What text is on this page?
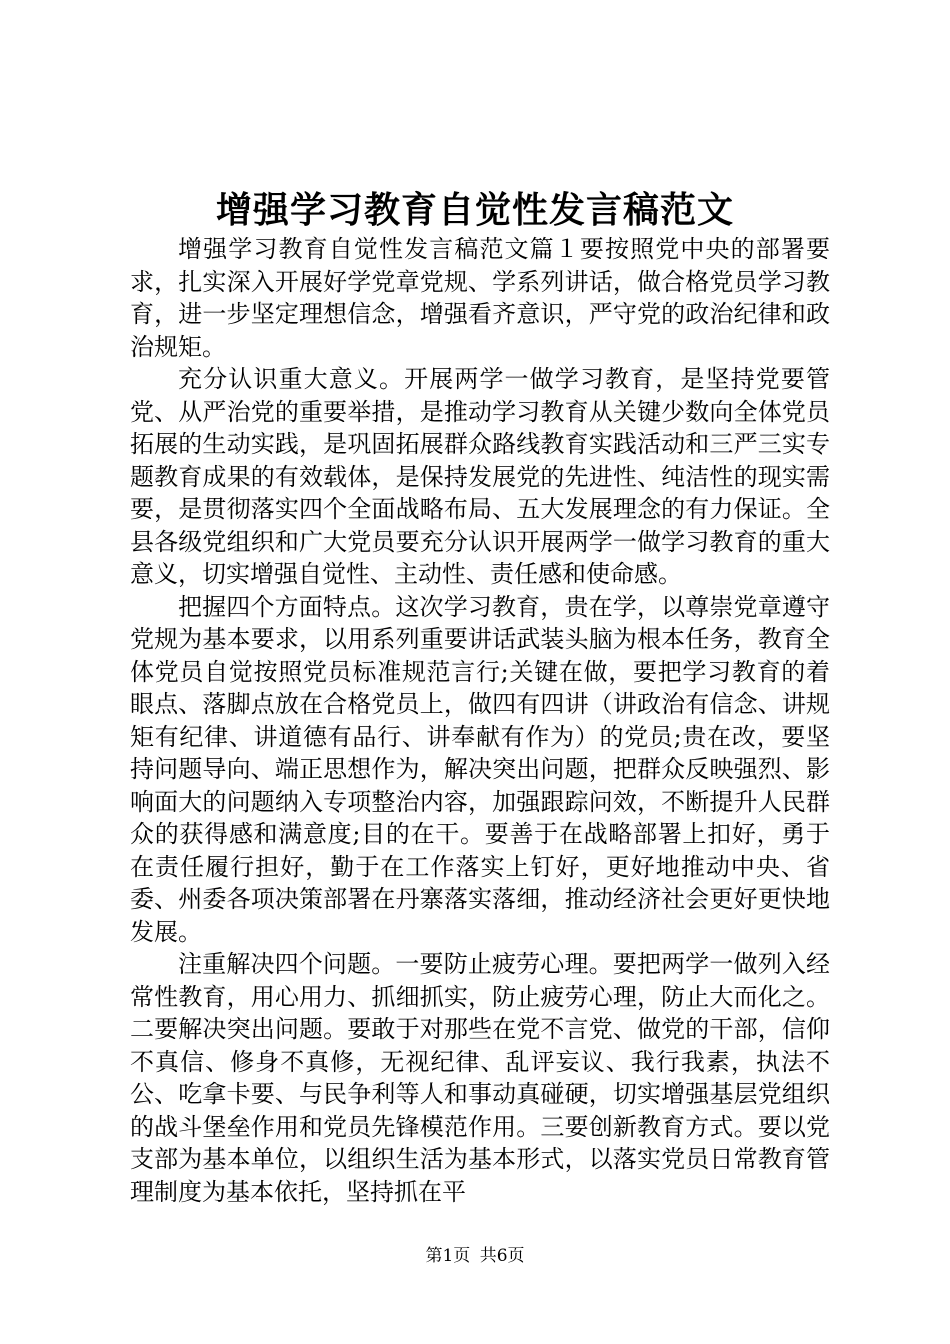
增强学习教育自觉性发言稿范文

增强学习教育自觉性发言稿范文篇１要按照党中央的部署要求，扎实深入开展好学党章党规、学系列讲话，做合格党员学习教育，进一步坚定理想信念，增强看齐意识，严守党的政治纪律和政治规矩。

充分认识重大意义。开展两学一做学习教育，是坚持党要管党、从严治党的重要举措，是推动学习教育从关键少数向全体党员拓展的生动实践，是巩固拓展群众路线教育实践活动和三严三实专题教育成果的有效载体，是保持发展党的先进性、纯洁性的现实需要，是贯彻落实四个全面战略布局、五大发展理念的有力保证。全县各级党组织和广大党员要充分认识开展两学一做学习教育的重大意义，切实增强自觉性、主动性、责任感和使命感。

把握四个方面特点。这次学习教育，贵在学，以尊崇党章遵守党规为基本要求，以用系列重要讲话武装头脑为根本任务，教育全体党员自觉按照党员标准规范言行;关键在做，要把学习教育的着眼点、落脚点放在合格党员上，做四有四讲（讲政治有信念、讲规矩有纪律、讲道德有品行、讲奉献有作为）的党员;贵在改，要坚持问题导向、端正思想作为，解决突出问题，把群众反映强烈、影响面大的问题纳入专项整治内容，加强跟踪问效，不断提升人民群众的获得感和满意度;目的在干。要善于在战略部署上扣好，勇于在责任履行担好，勤于在工作落实上钉好，更好地推动中央、省委、州委各项决策部署在丹寨落实落细，推动经济社会更好更快地发展。

注重解决四个问题。一要防止疲劳心理。要把两学一做列入经常性教育，用心用力、抓细抓实，防止疲劳心理，防止大而化之。二要解决突出问题。要敢于对那些在党不言党、做党的干部，信仰不真信、修身不真修，无视纪律、乱评妄议、我行我素，执法不公、吃拿卡要、与民争利等人和事动真碰硬，切实增强基层党组织的战斗堡垒作用和党员先锋模范作用。三要创新教育方式。要以党支部为基本单位，以组织生活为基本形式，以落实党员日常教育管理制度为基本依托，坚持抓在平

第1页 共6页
